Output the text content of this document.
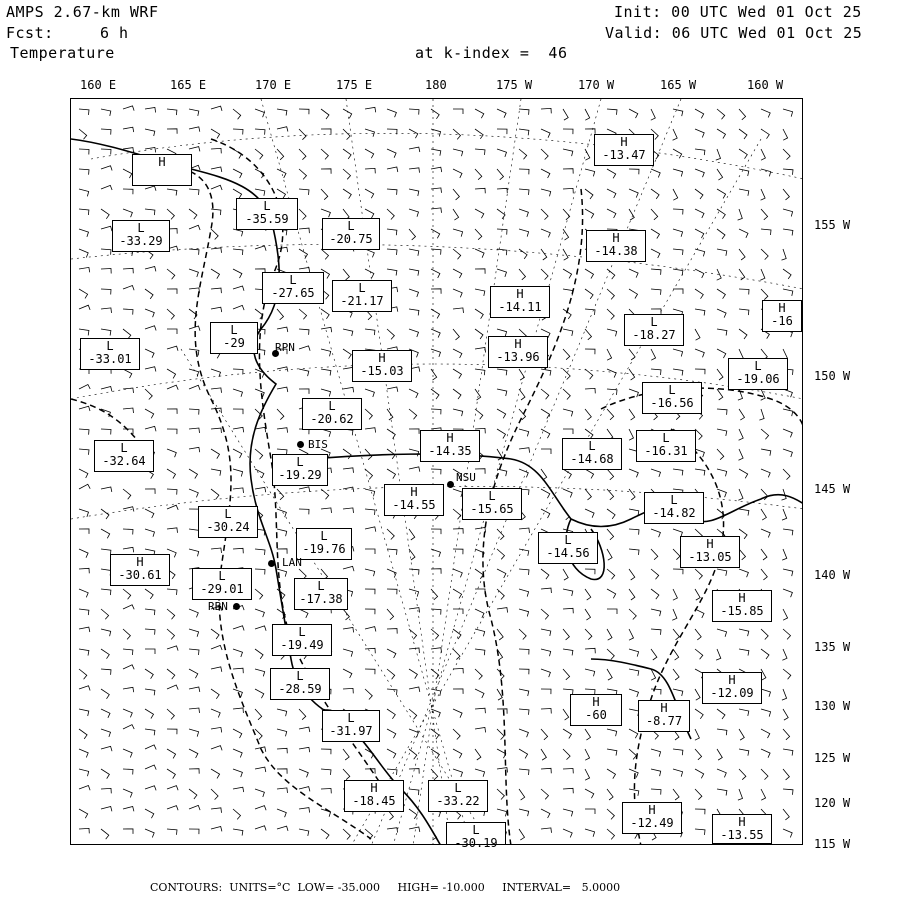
AMPS 2.67-km WRF
Fcst:	6 h
Temperature
Init: 00 UTC Wed 01 Oct 25
Valid: 06 UTC Wed 01 Oct 25
at k-index =  46
160 E	165 E	170 E	175 E	180	175 W	170 W	165 W	160 W
155 W
150 W
145 W
140 W
135 W
130 W
125 W
120 W
115 W
H
L
-35.59
L
-33.29
L
-20.75
L
-27.65	L
-21.17
H
-13.47
H
-14.38
H
-14.11	H
-16
L
-29
L
-33.01	H
-15.03
H
-13.96
L
-18.27
L
-19.06
L
-20.62
L
-16.56
H
-14.35	L
-14.68
L
-16.31
L
-32.64	L
-19.29
H
-14.55
L
-15.65
L
-14.82
L
-30.24
L
-19.76
L
-14.56
H
-13.05
H
-30.61	L
-29.01	L
-17.38	H
-15.85
L
-19.49
L
-28.59
H
-12.09
H
-60	H
-8.77
L
-31.97
H
-18.45
L
-33.22
H
-12.49	H
-13.55
L
-30.19
RPN
BIS
NSU
LAN
RBN
CONTOURS:  UNITS=°C  LOW= -35.000     HIGH= -10.000     INTERVAL=   5.0000
